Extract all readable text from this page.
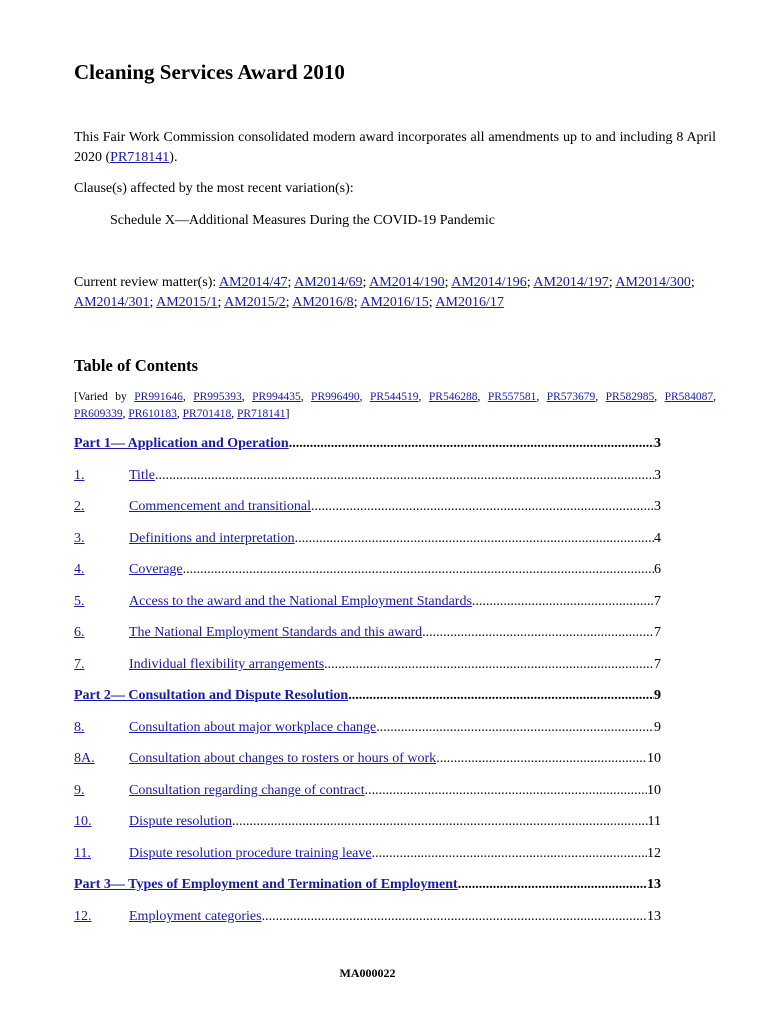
Cleaning Services Award 2010
This Fair Work Commission consolidated modern award incorporates all amendments up to and including 8 April 2020 (PR718141).
Clause(s) affected by the most recent variation(s):
Schedule X—Additional Measures During the COVID-19 Pandemic
Current review matter(s): AM2014/47; AM2014/69; AM2014/190; AM2014/196; AM2014/197; AM2014/300; AM2014/301; AM2015/1; AM2015/2; AM2016/8; AM2016/15; AM2016/17
Table of Contents
[Varied by PR991646, PR995393, PR994435, PR996490, PR544519, PR546288, PR557581, PR573679, PR582985, PR584087, PR609339, PR610183, PR701418, PR718141]
Part 1— Application and Operation .....	3
1.	Title .....	3
2.	Commencement and transitional .....	3
3.	Definitions and interpretation .....	4
4.	Coverage .....	6
5.	Access to the award and the National Employment Standards .....	7
6.	The National Employment Standards and this award .....	7
7.	Individual flexibility arrangements .....	7
Part 2— Consultation and Dispute Resolution .....	9
8.	Consultation about major workplace change .....	9
8A.	Consultation about changes to rosters or hours of work .....	10
9.	Consultation regarding change of contract .....	10
10.	Dispute resolution .....	11
11.	Dispute resolution procedure training leave .....	12
Part 3— Types of Employment and Termination of Employment .....	13
12.	Employment categories .....	13
MA000022
